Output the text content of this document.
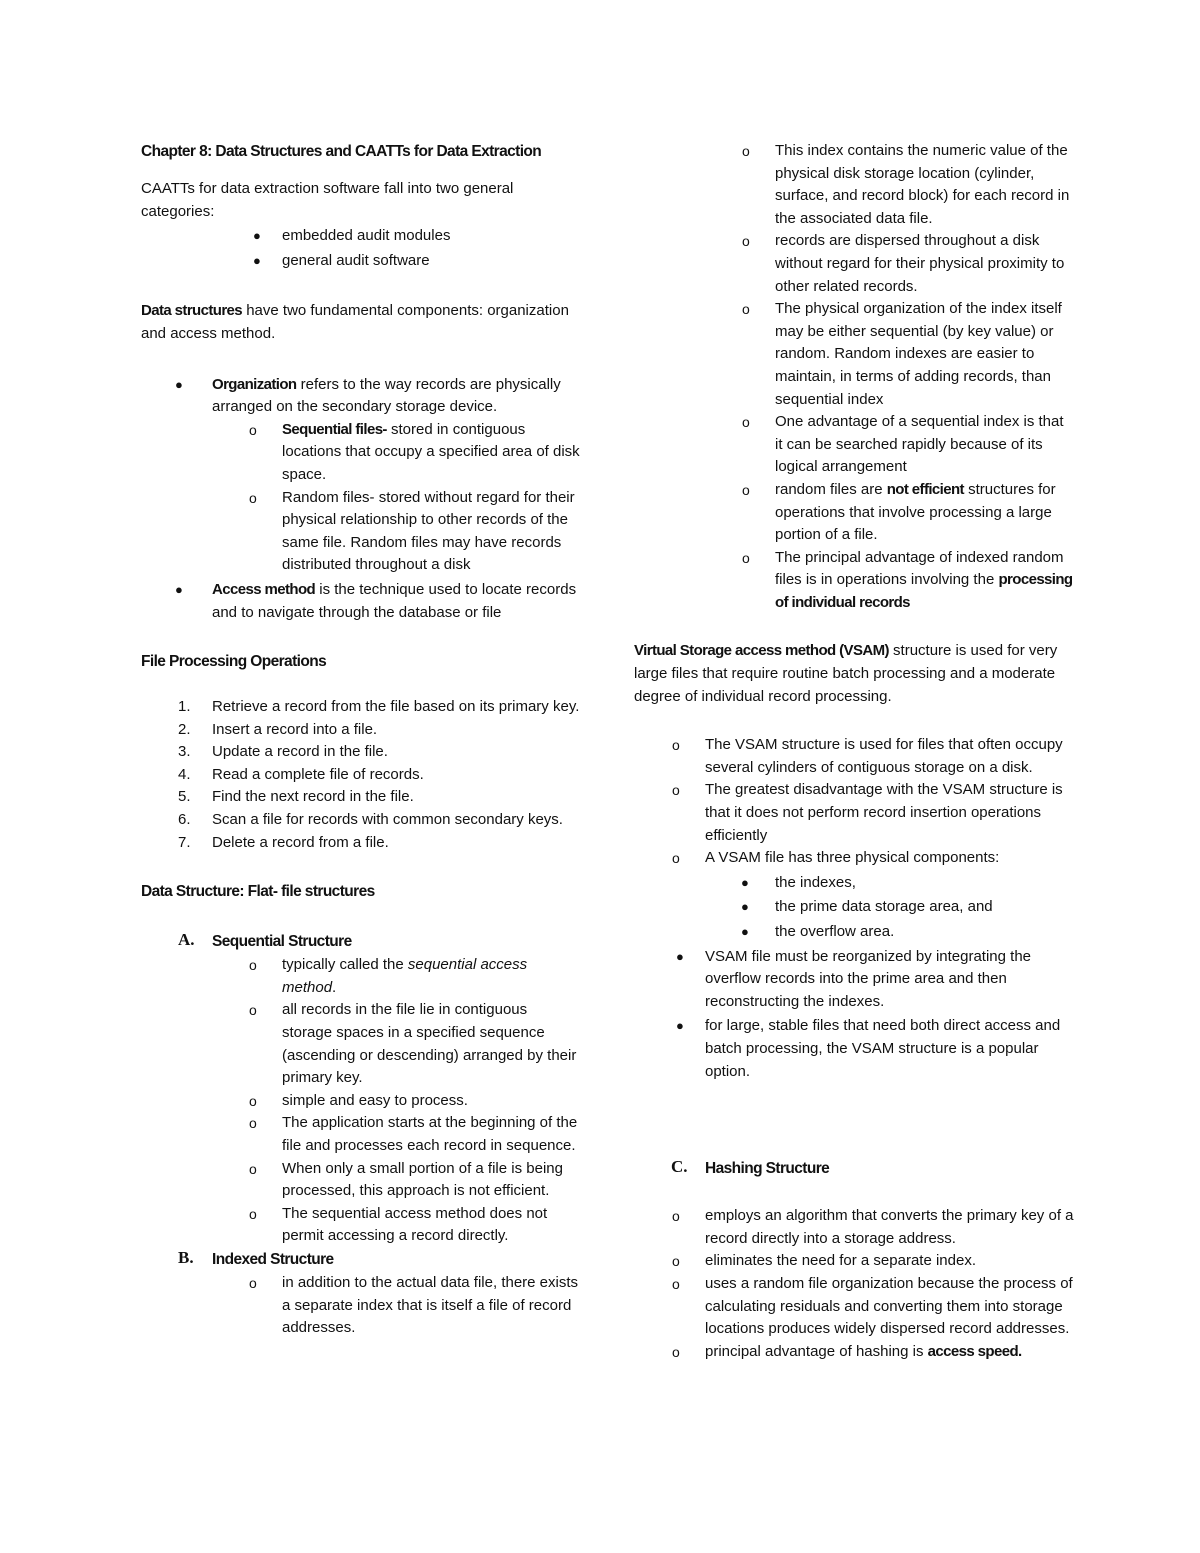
Chapter 8: Data Structures and CAATTs for Data Extraction

CAATTs for data extraction software fall into two general categories:

● embedded audit modules
● general audit software

Data structures have two fundamental components: organization and access method.

● Organization refers to the way records are physically arranged on the secondary storage device.
o Sequential files- stored in contiguous locations that occupy a specified area of disk space.
o Random files- stored without regard for their physical relationship to other records of the same file. Random files may have records distributed throughout a disk
● Access method is the technique used to locate records and to navigate through the database or file
File Processing Operations
1. Retrieve a record from the file based on its primary key.
2. Insert a record into a file.
3. Update a record in the file.
4. Read a complete file of records.
5. Find the next record in the file.
6. Scan a file for records with common secondary keys.
7. Delete a record from a file.
Data Structure: Flat- file structures
A. Sequential Structure
o typically called the sequential access method.
o all records in the file lie in contiguous storage spaces in a specified sequence (ascending or descending) arranged by their primary key.
o simple and easy to process.
o The application starts at the beginning of the file and processes each record in sequence.
o When only a small portion of a file is being processed, this approach is not efficient.
o The sequential access method does not permit accessing a record directly.
B. Indexed Structure
o in addition to the actual data file, there exists a separate index that is itself a file of record addresses.
o This index contains the numeric value of the physical disk storage location (cylinder, surface, and record block) for each record in the associated data file.
o records are dispersed throughout a disk without regard for their physical proximity to other related records.
o The physical organization of the index itself may be either sequential (by key value) or random. Random indexes are easier to maintain, in terms of adding records, than sequential index
o One advantage of a sequential index is that it can be searched rapidly because of its logical arrangement
o random files are not efficient structures for operations that involve processing a large portion of a file.
o The principal advantage of indexed random files is in operations involving the processing of individual records

Virtual Storage access method (VSAM) structure is used for very large files that require routine batch processing and a moderate degree of individual record processing.

o The VSAM structure is used for files that often occupy several cylinders of contiguous storage on a disk.
o The greatest disadvantage with the VSAM structure is that it does not perform record insertion operations efficiently
o A VSAM file has three physical components:
● the indexes,
● the prime data storage area, and
● the overflow area.
● VSAM file must be reorganized by integrating the overflow records into the prime area and then reconstructing the indexes.
● for large, stable files that need both direct access and batch processing, the VSAM structure is a popular option.
C. Hashing Structure
o employs an algorithm that converts the primary key of a record directly into a storage address.
o eliminates the need for a separate index.
o uses a random file organization because the process of calculating residuals and converting them into storage locations produces widely dispersed record addresses.
o principal advantage of hashing is access speed.
